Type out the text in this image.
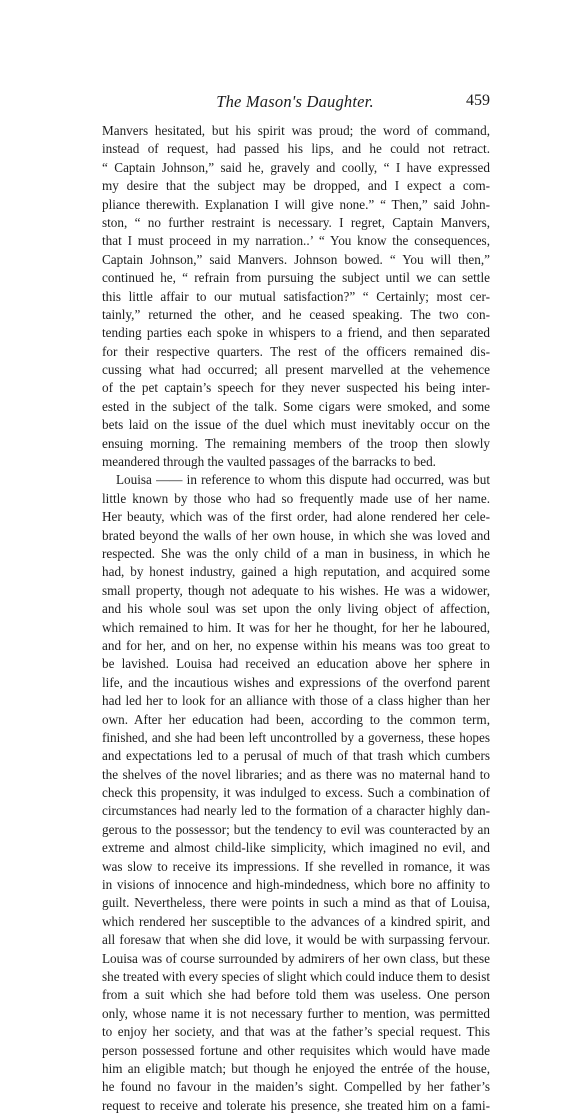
The Mason's Daughter.	459
Manvers hesitated, but his spirit was proud; the word of command,
instead of request, had passed his lips, and he could not retract.
“ Captain Johnson,” said he, gravely and coolly, “ I have expressed
my desire that the subject may be dropped, and I expect a com-
pliance therewith. Explanation I will give none.” “ Then,” said John-
ston, “ no further restraint is necessary. I regret, Captain Manvers,
that I must proceed in my narration..’ “ You know the consequences,
Captain Johnson,” said Manvers. Johnson bowed. “ You will then,”
continued he, “ refrain from pursuing the subject until we can settle
this little affair to our mutual satisfaction?” “ Certainly; most cer-
tainly,” returned the other, and he ceased speaking. The two con-
tending parties each spoke in whispers to a friend, and then separated
for their respective quarters. The rest of the officers remained dis-
cussing what had occurred; all present marvelled at the vehemence
of the pet captain’s speech for they never suspected his being inter-
ested in the subject of the talk. Some cigars were smoked, and some
bets laid on the issue of the duel which must inevitably occur on the
ensuing morning. The remaining members of the troop then slowly
meandered through the vaulted passages of the barracks to bed.
Louisa —— in reference to whom this dispute had occurred, was but
little known by those who had so frequently made use of her name.
Her beauty, which was of the first order, had alone rendered her cele-
brated beyond the walls of her own house, in which she was loved and
respected. She was the only child of a man in business, in which he
had, by honest industry, gained a high reputation, and acquired some
small property, though not adequate to his wishes. He was a widower,
and his whole soul was set upon the only living object of affection,
which remained to him. It was for her he thought, for her he laboured,
and for her, and on her, no expense within his means was too great to
be lavished. Louisa had received an education above her sphere in
life, and the incautious wishes and expressions of the overfond parent
had led her to look for an alliance with those of a class higher than her
own. After her education had been, according to the common term,
finished, and she had been left uncontrolled by a governess, these hopes
and expectations led to a perusal of much of that trash which cumbers
the shelves of the novel libraries; and as there was no maternal hand to
check this propensity, it was indulged to excess. Such a combination of
circumstances had nearly led to the formation of a character highly dan-
gerous to the possessor; but the tendency to evil was counteracted by an
extreme and almost child-like simplicity, which imagined no evil, and
was slow to receive its impressions. If she revelled in romance, it was
in visions of innocence and high-mindedness, which bore no affinity to
guilt. Nevertheless, there were points in such a mind as that of Louisa,
which rendered her susceptible to the advances of a kindred spirit, and
all foresaw that when she did love, it would be with surpassing fervour.
Louisa was of course surrounded by admirers of her own class, but these
she treated with every species of slight which could induce them to desist
from a suit which she had before told them was useless. One person
only, whose name it is not necessary further to mention, was permitted
to enjoy her society, and that was at the father’s special request. This
person possessed fortune and other requisites which would have made
him an eligible match; but though he enjoyed the entrée of the house,
he found no favour in the maiden’s sight. Compelled by her father’s
request to receive and tolerate his presence, she treated him on a fami-
